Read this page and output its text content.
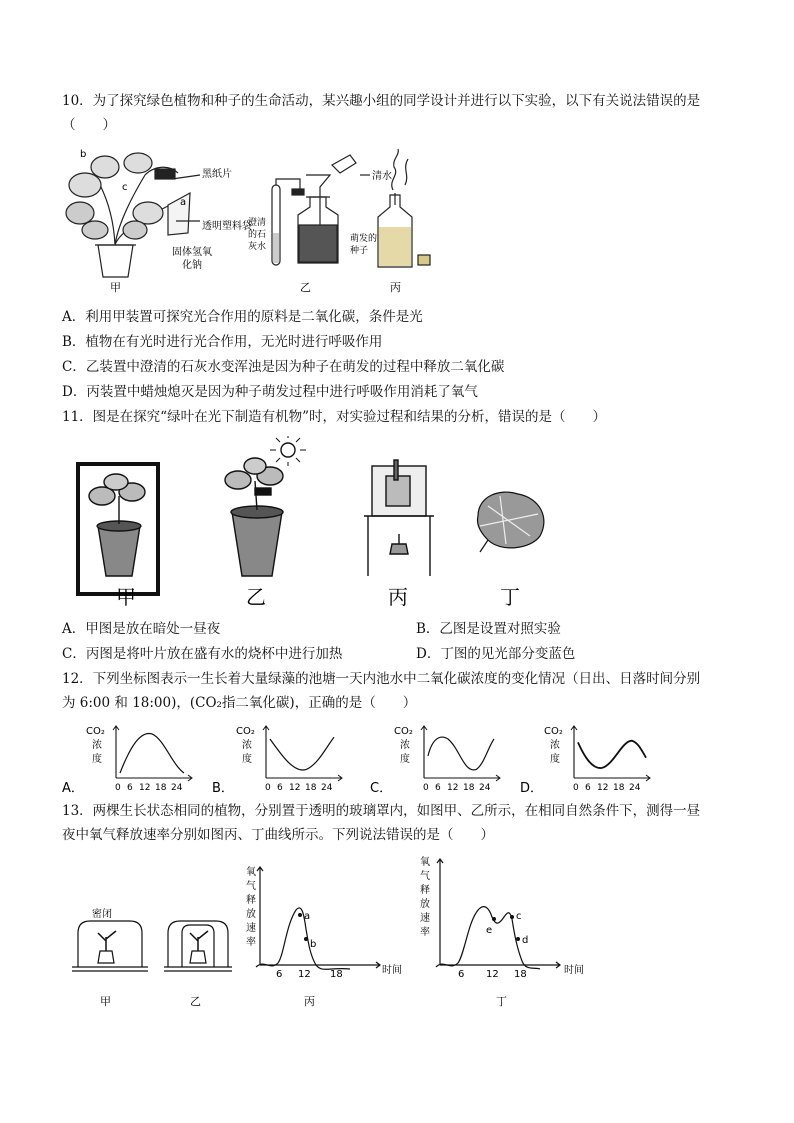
10．为了探究绿色植物和种子的生命活动，某兴趣小组的同学设计并进行以下实验，以下有关说法错误的是
（　　）
b
c
a
黑纸片
透明塑料袋
固体氢氧
化钠
甲
清水
澄清
的石
灰水
乙
萌发的
种子
丙
A．利用甲装置可探究光合作用的原料是二氧化碳，条件是光
B．植物在有光时进行光合作用，无光时进行呼吸作用
C．乙装置中澄清的石灰水变浑浊是因为种子在萌发的过程中释放二氧化碳
D．丙装置中蜡烛熄灭是因为种子萌发过程中进行呼吸作用消耗了氧气
11．图是在探究“绿叶在光下制造有机物”时，对实验过程和结果的分析，错误的是（　　）
甲	乙	丙	丁
A．甲图是放在暗处一昼夜	B．乙图是设置对照实验
C．丙图是将叶片放在盛有水的烧杯中进行加热	D．丁图的见光部分变蓝色
12．下列坐标图表示一生长着大量绿藻的池塘一天内池水中二氧化碳浓度的变化情况（日出、日落时间分别
为 6:00 和 18:00)，(CO₂指二氧化碳)，正确的是（　　）
CO₂
浓
度
0 6 12 18 24
A．
CO₂
浓
度
0 6 12 18 24
B．
CO₂
浓
度
0 6 12 18 24
C．
CO₂
浓
度
0 6 12 18 24
D．
13．两棵生长状态相同的植物，分别置于透明的玻璃罩内，如图甲、乙所示，在相同自然条件下，测得一昼
夜中氧气释放速率分别如图丙、丁曲线所示。下列说法错误的是（　　）
密闭
甲	乙
氧
气
释
放
速
率
6 12 18	时间
a
b
丙
氧
气
释
放
速
率
6 12 18	时间
c
d
e
丁
